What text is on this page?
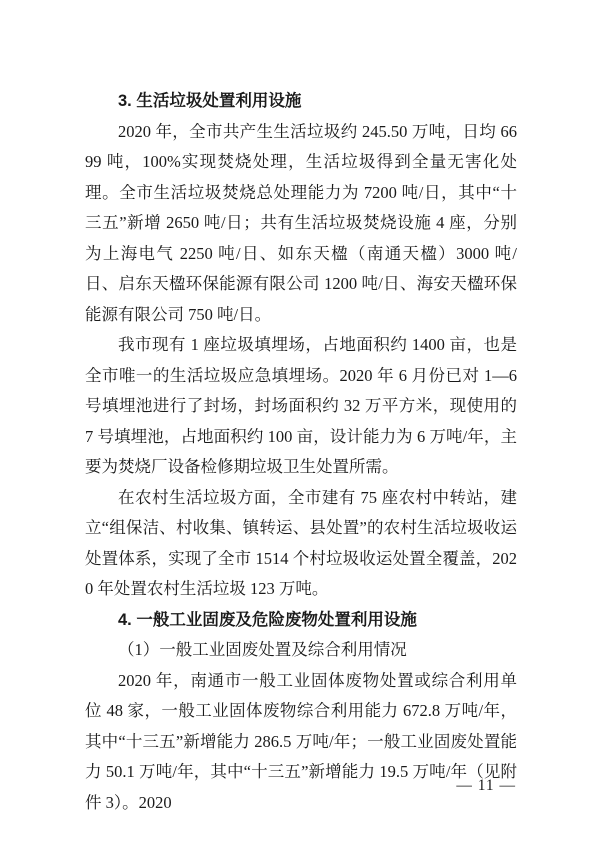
3. 生活垃圾处置利用设施

2020 年，全市共产生生活垃圾约 245.50 万吨，日均 6699 吨，100%实现焚烧处理，生活垃圾得到全量无害化处理。全市生活垃圾焚烧总处理能力为 7200 吨/日，其中“十三五”新增 2650 吨/日；共有生活垃圾焚烧设施 4 座，分别为上海电气 2250 吨/日、如东天楹（南通天楹）3000 吨/日、启东天楹环保能源有限公司 1200 吨/日、海安天楹环保能源有限公司 750 吨/日。

我市现有 1 座垃圾填埋场，占地面积约 1400 亩，也是全市唯一的生活垃圾应急填埋场。2020 年 6 月份已对 1—6 号填埋池进行了封场，封场面积约 32 万平方米，现使用的 7 号填埋池，占地面积约 100 亩，设计能力为 6 万吨/年，主要为焚烧厂设备检修期垃圾卫生处置所需。

在农村生活垃圾方面，全市建有 75 座农村中转站，建立“组保洁、村收集、镇转运、县处置”的农村生活垃圾收运处置体系，实现了全市 1514 个村垃圾收运处置全覆盖，2020 年处置农村生活垃圾 123 万吨。

4. 一般工业固废及危险废物处置利用设施

（1）一般工业固废处置及综合利用情况

2020 年，南通市一般工业固体废物处置或综合利用单位 48 家，一般工业固体废物综合利用能力 672.8 万吨/年，其中“十三五”新增能力 286.5 万吨/年；一般工业固废处置能力 50.1 万吨/年，其中“十三五”新增能力 19.5 万吨/年（见附件 3）。2020

— 11 —
